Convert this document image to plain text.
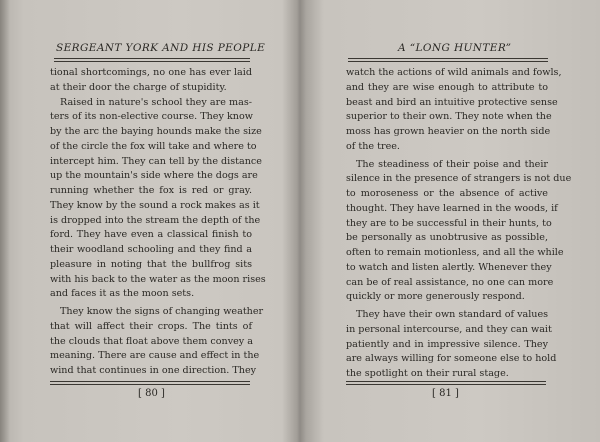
SERGEANT YORK AND HIS PEOPLE
tional shortcomings, no one has ever laid
at their door the charge of stupidity.
Raised in nature's school they are mas-
ters of its non-elective course. They know
by the arc the baying hounds make the size
of the circle the fox will take and where to
intercept him. They can tell by the distance
up the mountain's side where the dogs are
running whether the fox is red or gray.
They know by the sound a rock makes as it
is dropped into the stream the depth of the
ford. They have even a classical finish to
their woodland schooling and they find a
pleasure in noting that the bullfrog sits
with his back to the water as the moon rises
and faces it as the moon sets.
They know the signs of changing weather
that will affect their crops. The tints of
the clouds that float above them convey a
meaning. There are cause and effect in the
wind that continues in one direction. They
[ 80 ]
A “LONG HUNTER”
watch the actions of wild animals and fowls,
and they are wise enough to attribute to
beast and bird an intuitive protective sense
superior to their own. They note when the
moss has grown heavier on the north side
of the tree.
The steadiness of their poise and their
silence in the presence of strangers is not due
to moroseness or the absence of active
thought. They have learned in the woods, if
they are to be successful in their hunts, to
be personally as unobtrusive as possible,
often to remain motionless, and all the while
to watch and listen alertly. Whenever they
can be of real assistance, no one can more
quickly or more generously respond.
They have their own standard of values
in personal intercourse, and they can wait
patiently and in impressive silence. They
are always willing for someone else to hold
the spotlight on their rural stage.
[ 81 ]
